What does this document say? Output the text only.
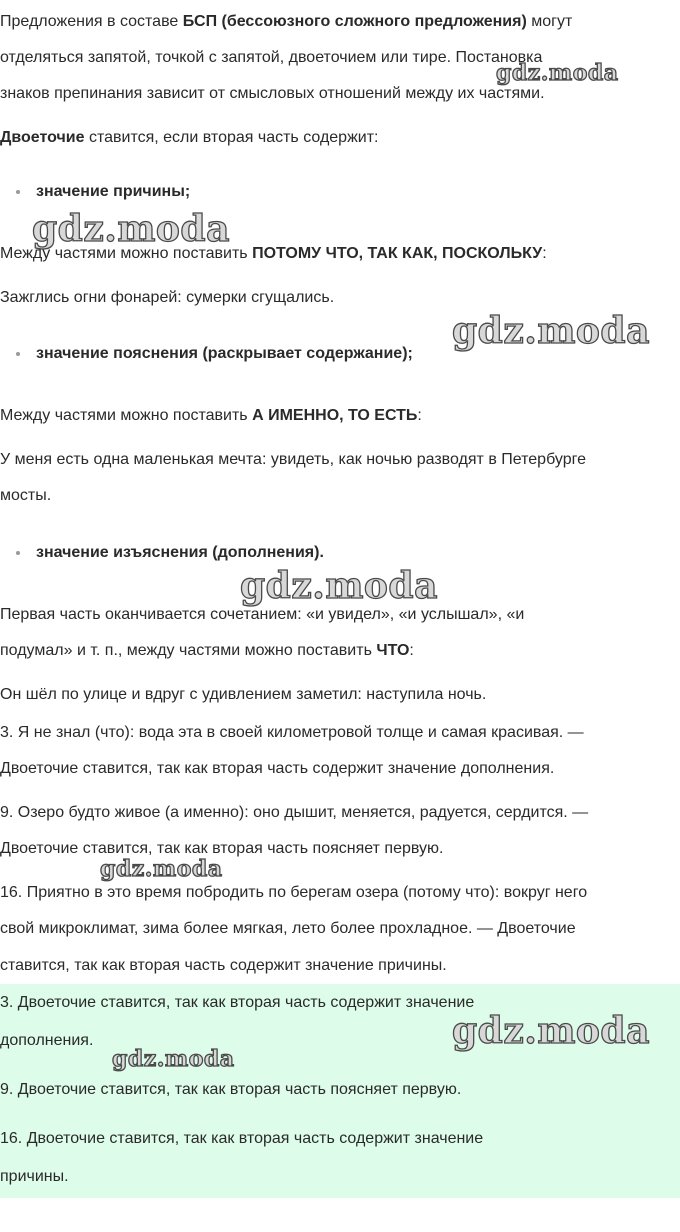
Предложения в составе БСП (бессоюзного сложного предложения) могут

отделяться запятой, точкой с запятой, двоеточием или тире. Постановка

знаков препинания зависит от смысловых отношений между их частями.

Двоеточие ставится, если вторая часть содержит:

значение причины;

Между частями можно поставить ПОТОМУ ЧТО, ТАК КАК, ПОСКОЛЬКУ:

Зажглись огни фонарей: сумерки сгущались.

значение пояснения (раскрывает содержание);

Между частями можно поставить А ИМЕННО, ТО ЕСТЬ:

У меня есть одна маленькая мечта: увидеть, как ночью разводят в Петербурге

мосты.

значение изъяснения (дополнения).

Первая часть оканчивается сочетанием: «и увидел», «и услышал», «и

подумал» и т. п., между частями можно поставить ЧТО:

Он шёл по улице и вдруг с удивлением заметил: наступила ночь.

3. Я не знал (что): вода эта в своей километровой толще и самая красивая. —

Двоеточие ставится, так как вторая часть содержит значение дополнения.

9. Озеро будто живое (а именно): оно дышит, меняется, радуется, сердится. —

Двоеточие ставится, так как вторая часть поясняет первую.

16. Приятно в это время побродить по берегам озера (потому что): вокруг него

свой микроклимат, зима более мягкая, лето более прохладное. — Двоеточие

ставится, так как вторая часть содержит значение причины.

3. Двоеточие ставится, так как вторая часть содержит значение

дополнения.

9. Двоеточие ставится, так как вторая часть поясняет первую.

16. Двоеточие ставится, так как вторая часть содержит значение

причины.

gdz.moda
gdz.moda
gdz.moda
gdz.moda
gdz.moda
gdz.moda
gdz.moda
